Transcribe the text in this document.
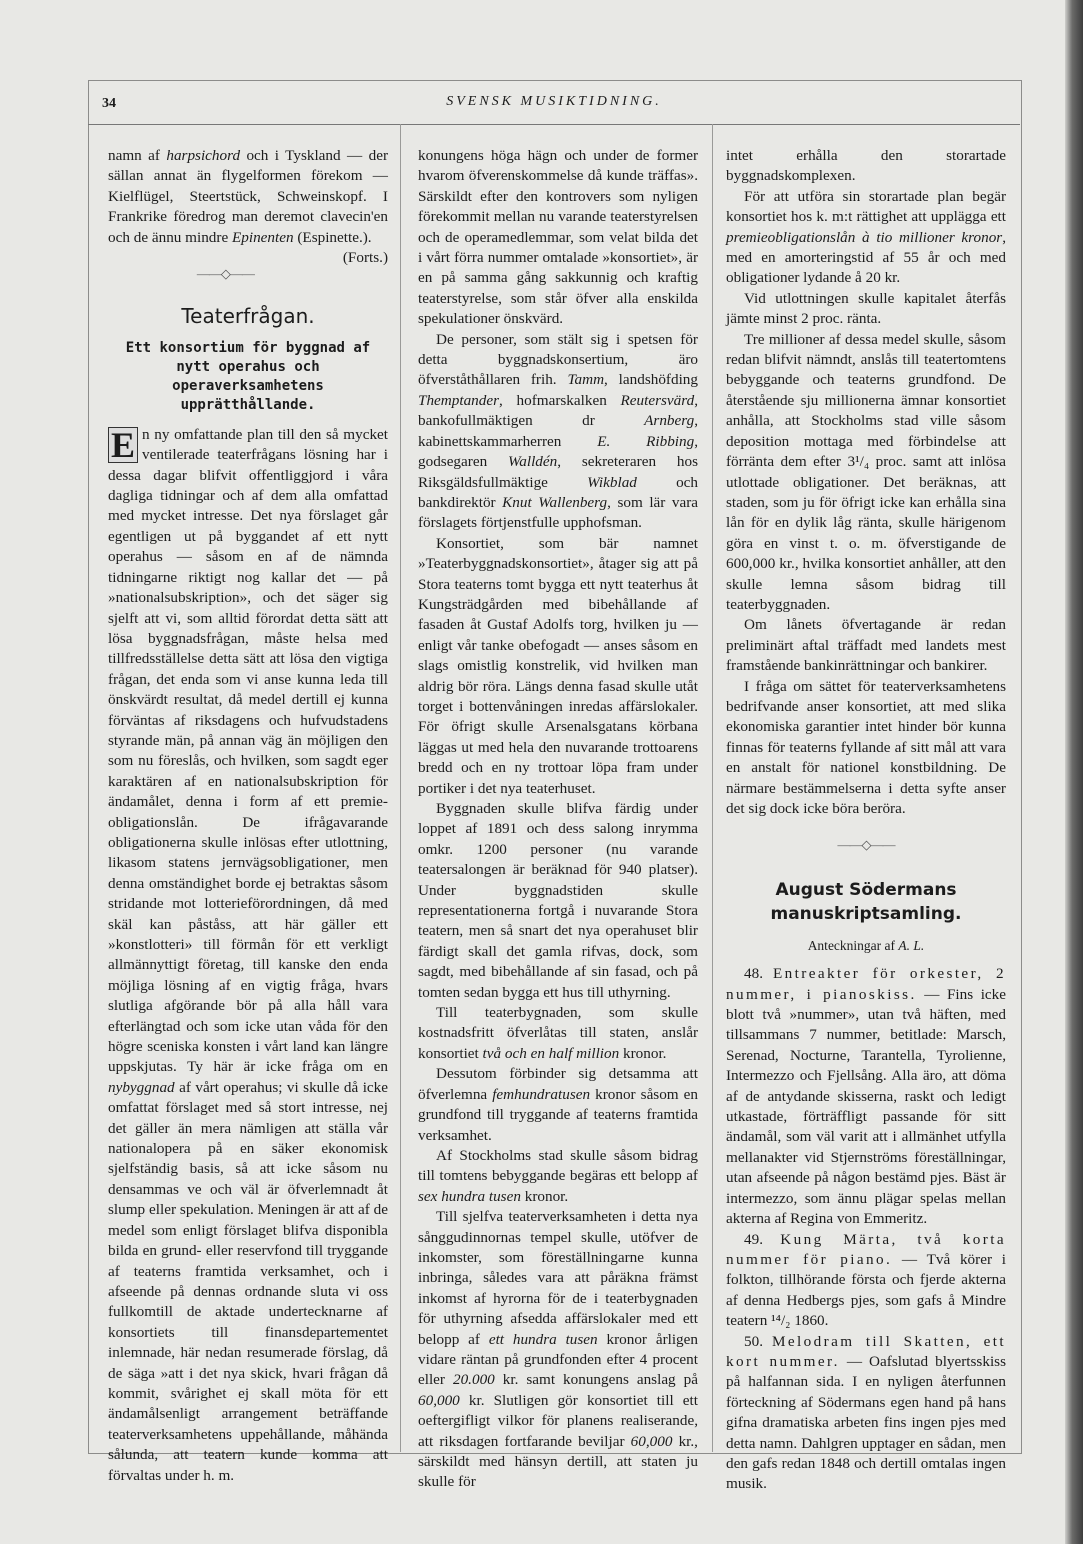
34	SVENSK MUSIKTIDNING.

namn af harpsichord och i Tyskland — der sällan annat än flygelformen förekom — Kielflügel, Steertstück, Schweinskopf. I Frankrike föredrog man deremot clavecin'en och de ännu mindre Epinenten (Espinette.).
(Forts.)

——◇——
Teaterfrågan.
Ett konsortium för byggnad af nytt operahus och operaverksamhetens upprätthållande.

E n ny omfattande plan till den så mycket ventilerade teaterfrågans lösning har i dessa dagar blifvit offentliggjord i våra dagliga tidningar och af dem alla omfattad med mycket intresse. Det nya förslaget går egentligen ut på byggandet af ett nytt operahus — såsom en af de nämnda tidningarne riktigt nog kallar det — på »nationalsubskription», och det säger sig sjelft att vi, som alltid förordat detta sätt att lösa byggnadsfrågan, måste helsa med tillfredsställelse detta sätt att lösa den vigtiga frågan, det enda som vi anse kunna leda till önskvärdt resultat, då medel dertill ej kunna förväntas af riksdagens och hufvudstadens styrande män, på annan väg än möjligen den som nu föreslås, och hvilken, som sagdt eger karaktären af en nationalsubskription för ändamålet, denna i form af ett premie-obligationslån. De ifrågavarande obligationerna skulle inlösas efter utlottning, likasom statens jernvägsobligationer, men denna omständighet borde ej betraktas såsom stridande mot lotterieförordningen, då med skäl kan påståss, att här gäller ett »konstlotteri» till förmån för ett verkligt allmännyttigt företag, till kanske den enda möjliga lösning af en vigtig fråga, hvars slutliga afgörande bör på alla håll vara efterlängtad och som icke utan våda för den högre sceniska konsten i vårt land kan längre uppskjutas. Ty här är icke fråga om en nybyggnad af vårt operahus; vi skulle då icke omfattat förslaget med så stort intresse, nej det gäller än mera nämligen att ställa vår nationalopera på en säker ekonomisk sjelfständig basis, så att icke såsom nu densammas ve och väl är öfverlemnadt åt slump eller spekulation. Meningen är att af de medel som enligt förslaget blifva disponibla bilda en grund- eller reservfond till tryggande af teaterns framtida verksamhet, och i afseende på dennas ordnande sluta vi oss fullkomtill de aktade undertecknarne af konsortiets till finansdepartementet inlemnade, här nedan resumerade förslag, då de säga »att i det nya skick, hvari frågan då kommit, svårighet ej skall möta för ett ändamålsenligt arrangement beträffande teaterverksamhetens uppehållande, måhända sålunda, att teatern kunde komma att förvaltas under h. m.

konungens höga hägn och under de former hvarom öfverenskommelse då kunde träffas». Särskildt efter den kontrovers som nyligen förekommit mellan nu varande teaterstyrelsen och de operamedlemmar, som velat bilda det i vårt förra nummer omtalade »konsortiet», är en på samma gång sakkunnig och kraftig teaterstyrelse, som står öfver alla enskilda spekulationer önskvärd.

De personer, som stält sig i spetsen för detta byggnadskonsertium, äro öfverståthållaren frih. Tamm, landshöfding Themptander, hofmarskalken Reutersvärd, bankofullmäktigen dr Arnberg, kabinettskammarherren E. Ribbing, godsegaren Walldén, sekreteraren hos Riksgäldsfullmäktige Wikblad och bankdirektör Knut Wallenberg, som lär vara förslagets förtjenstfulle upphofsman.

Konsortiet, som bär namnet »Teaterbyggnadskonsortiet», åtager sig att på Stora teaterns tomt bygga ett nytt teaterhus åt Kungsträdgården med bibehållande af fasaden åt Gustaf Adolfs torg, hvilken ju — enligt vår tanke obefogadt — anses såsom en slags omistlig konstrelik, vid hvilken man aldrig bör röra. Längs denna fasad skulle utåt torget i bottenvåningen inredas affärslokaler. För öfrigt skulle Arsenalsgatans körbana läggas ut med hela den nuvarande trottoarens bredd och en ny trottoar löpa fram under portiker i det nya teaterhuset.

Byggnaden skulle blifva färdig under loppet af 1891 och dess salong inrymma omkr. 1200 personer (nu varande teatersalongen är beräknad för 940 platser). Under byggnadstiden skulle representationerna fortgå i nuvarande Stora teatern, men så snart det nya operahuset blir färdigt skall det gamla rifvas, dock, som sagdt, med bibehållande af sin fasad, och på tomten sedan bygga ett hus till uthyrning.

Till teaterbygnaden, som skulle kostnadsfritt öfverlåtas till staten, anslår konsortiet två och en half million kronor.

Dessutom förbinder sig detsamma att öfverlemna femhundratusen kronor såsom en grundfond till tryggande af teaterns framtida verksamhet.

Af Stockholms stad skulle såsom bidrag till tomtens bebyggande begäras ett belopp af sex hundra tusen kronor.

Till sjelfva teaterverksamheten i detta nya sånggudinnornas tempel skulle, utöfver de inkomster, som föreställningarne kunna inbringa, således vara att påräkna främst inkomst af hyrorna för de i teaterbygnaden för uthyrning afsedda affärslokaler med ett belopp af ett hundra tusen kronor årligen vidare räntan på grundfonden efter 4 procent eller 20.000 kr. samt konungens anslag på 60,000 kr. Slutligen gör konsortiet till ett oeftergifligt vilkor för planens realiserande, att riksdagen fortfarande beviljar 60,000 kr., särskildt med hänsyn dertill, att staten ju skulle för

intet erhålla den storartade byggnadskomplexen.

För att utföra sin storartade plan begär konsortiet hos k. m:t rättighet att upplägga ett premieobligationslån à tio millioner kronor, med en amorteringstid af 55 år och med obligationer lydande å 20 kr.

Vid utlottningen skulle kapitalet återfås jämte minst 2 proc. ränta.

Tre millioner af dessa medel skulle, såsom redan blifvit nämndt, anslås till teatertomtens bebyggande och teaterns grundfond. De återstående sju millionerna ämnar konsortiet anhålla, att Stockholms stad ville såsom deposition mottaga med förbindelse att förränta dem efter 3¹/₄ proc. samt att inlösa utlottade obligationer. Det beräknas, att staden, som ju för öfrigt icke kan erhålla sina lån för en dylik låg ränta, skulle härigenom göra en vinst t. o. m. öfverstigande de 600,000 kr., hvilka konsortiet anhåller, att den skulle lemna såsom bidrag till teaterbyggnaden.

Om lånets öfvertagande är redan preliminärt aftal träffadt med landets mest framstående bankinrättningar och bankirer.

I fråga om sättet för teaterverksamhetens bedrifvande anser konsortiet, att med slika ekonomiska garantier intet hinder bör kunna finnas för teaterns fyllande af sitt mål att vara en anstalt för nationel konstbildning. De närmare bestämmelserna i detta syfte anser det sig dock icke böra beröra.

——◇——
August Södermans manuskriptsamling.
Anteckningar af A. L.

48. Entreakter för orkester, 2 nummer, i pianoskiss. — Fins icke blott två »nummer», utan två häften, med tillsammans 7 nummer, betitlade: Marsch, Serenad, Nocturne, Tarantella, Tyrolienne, Intermezzo och Fjellsång. Alla äro, att döma af de antydande skisserna, raskt och ledigt utkastade, förträffligt passande för sitt ändamål, som väl varit att i allmänhet utfylla mellanakter vid Stjernströms föreställningar, utan afseende på någon bestämd pjes. Bäst är intermezzo, som ännu plägar spelas mellan akterna af Regina von Emmeritz.

49. Kung Märta, två korta nummer för piano. — Två körer i folkton, tillhörande första och fjerde akterna af denna Hedbergs pjes, som gafs å Mindre teatern ¹⁴/₂ 1860.

50. Melodram till Skatten, ett kort nummer. — Oafslutad blyertsskiss på halfannan sida. I en nyligen återfunnen förteckning af Södermans egen hand på hans gifna dramatiska arbeten fins ingen pjes med detta namn. Dahlgren upptager en sådan, men den gafs redan 1848 och dertill omtalas ingen musik.
